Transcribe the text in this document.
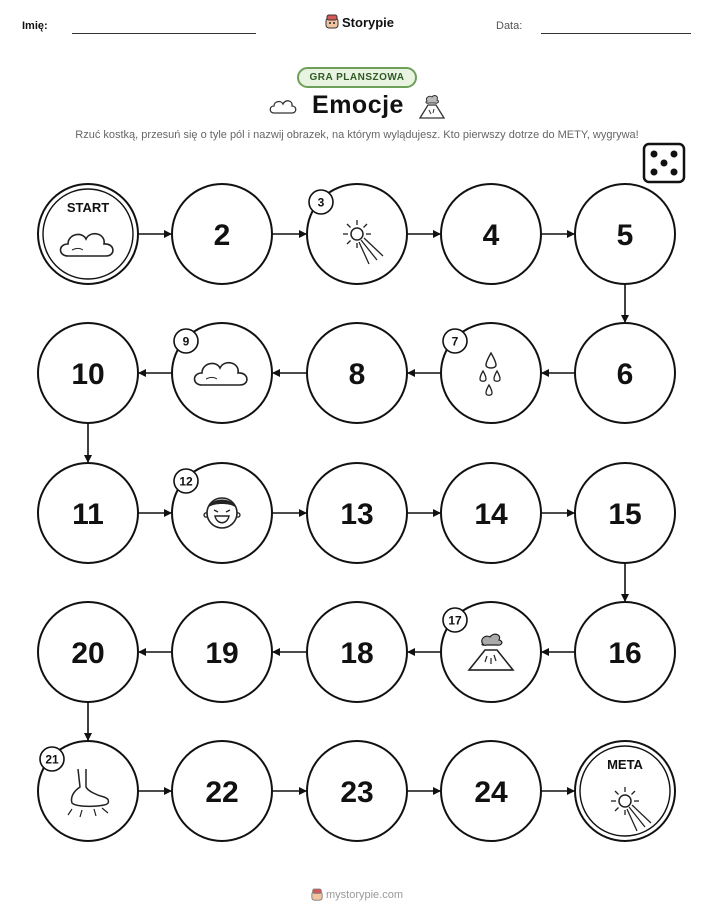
Imię:	Storypie	Data:
GRA PLANSZOWA
Emocje
Rzuć kostką, przesuń się o tyle pól i nazwij obrazek, na którym wylądujesz. Kto pierwszy dotrze do METY, wygrywa!
START
2
3
4	5
6
7
8
9
10
11
12
13	14	15
16
17
18
19
20
21
22	23	24
META
mystorypie.com
